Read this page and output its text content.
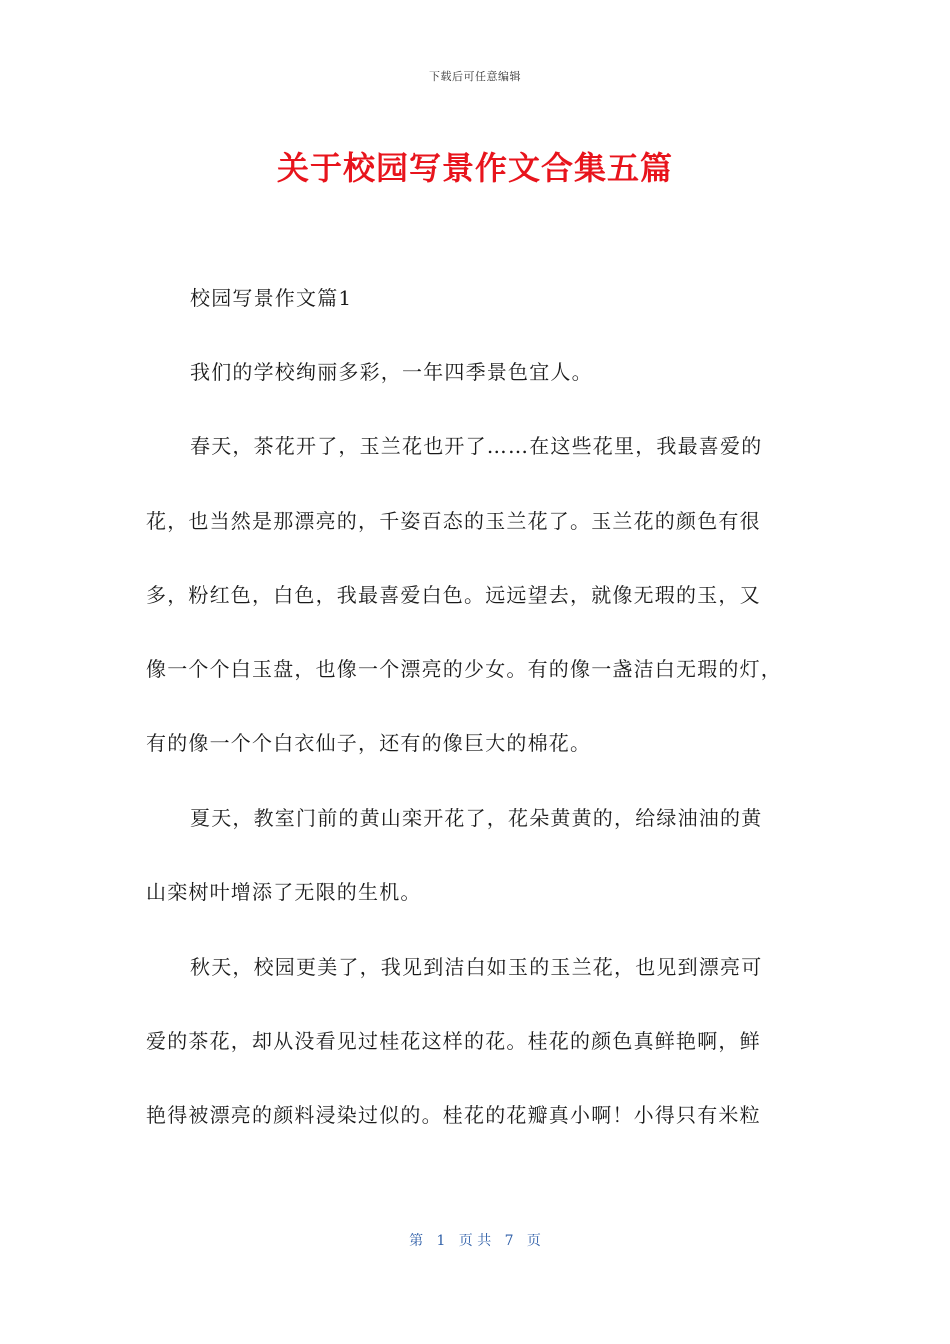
下载后可任意编辑
关于校园写景作文合集五篇
校园写景作文篇1
我们的学校绚丽多彩，一年四季景色宜人。
春天，茶花开了，玉兰花也开了……在这些花里，我最喜爱的
花，也当然是那漂亮的，千姿百态的玉兰花了。玉兰花的颜色有很
多，粉红色，白色，我最喜爱白色。远远望去，就像无瑕的玉，又
像一个个白玉盘，也像一个漂亮的少女。有的像一盏洁白无瑕的灯，
有的像一个个白衣仙子，还有的像巨大的棉花。
夏天，教室门前的黄山栾开花了，花朵黄黄的，给绿油油的黄
山栾树叶增添了无限的生机。
秋天，校园更美了，我见到洁白如玉的玉兰花，也见到漂亮可
爱的茶花，却从没看见过桂花这样的花。桂花的颜色真鲜艳啊，鲜
艳得被漂亮的颜料浸染过似的。桂花的花瓣真小啊！小得只有米粒
第   1   页 共   7   页
